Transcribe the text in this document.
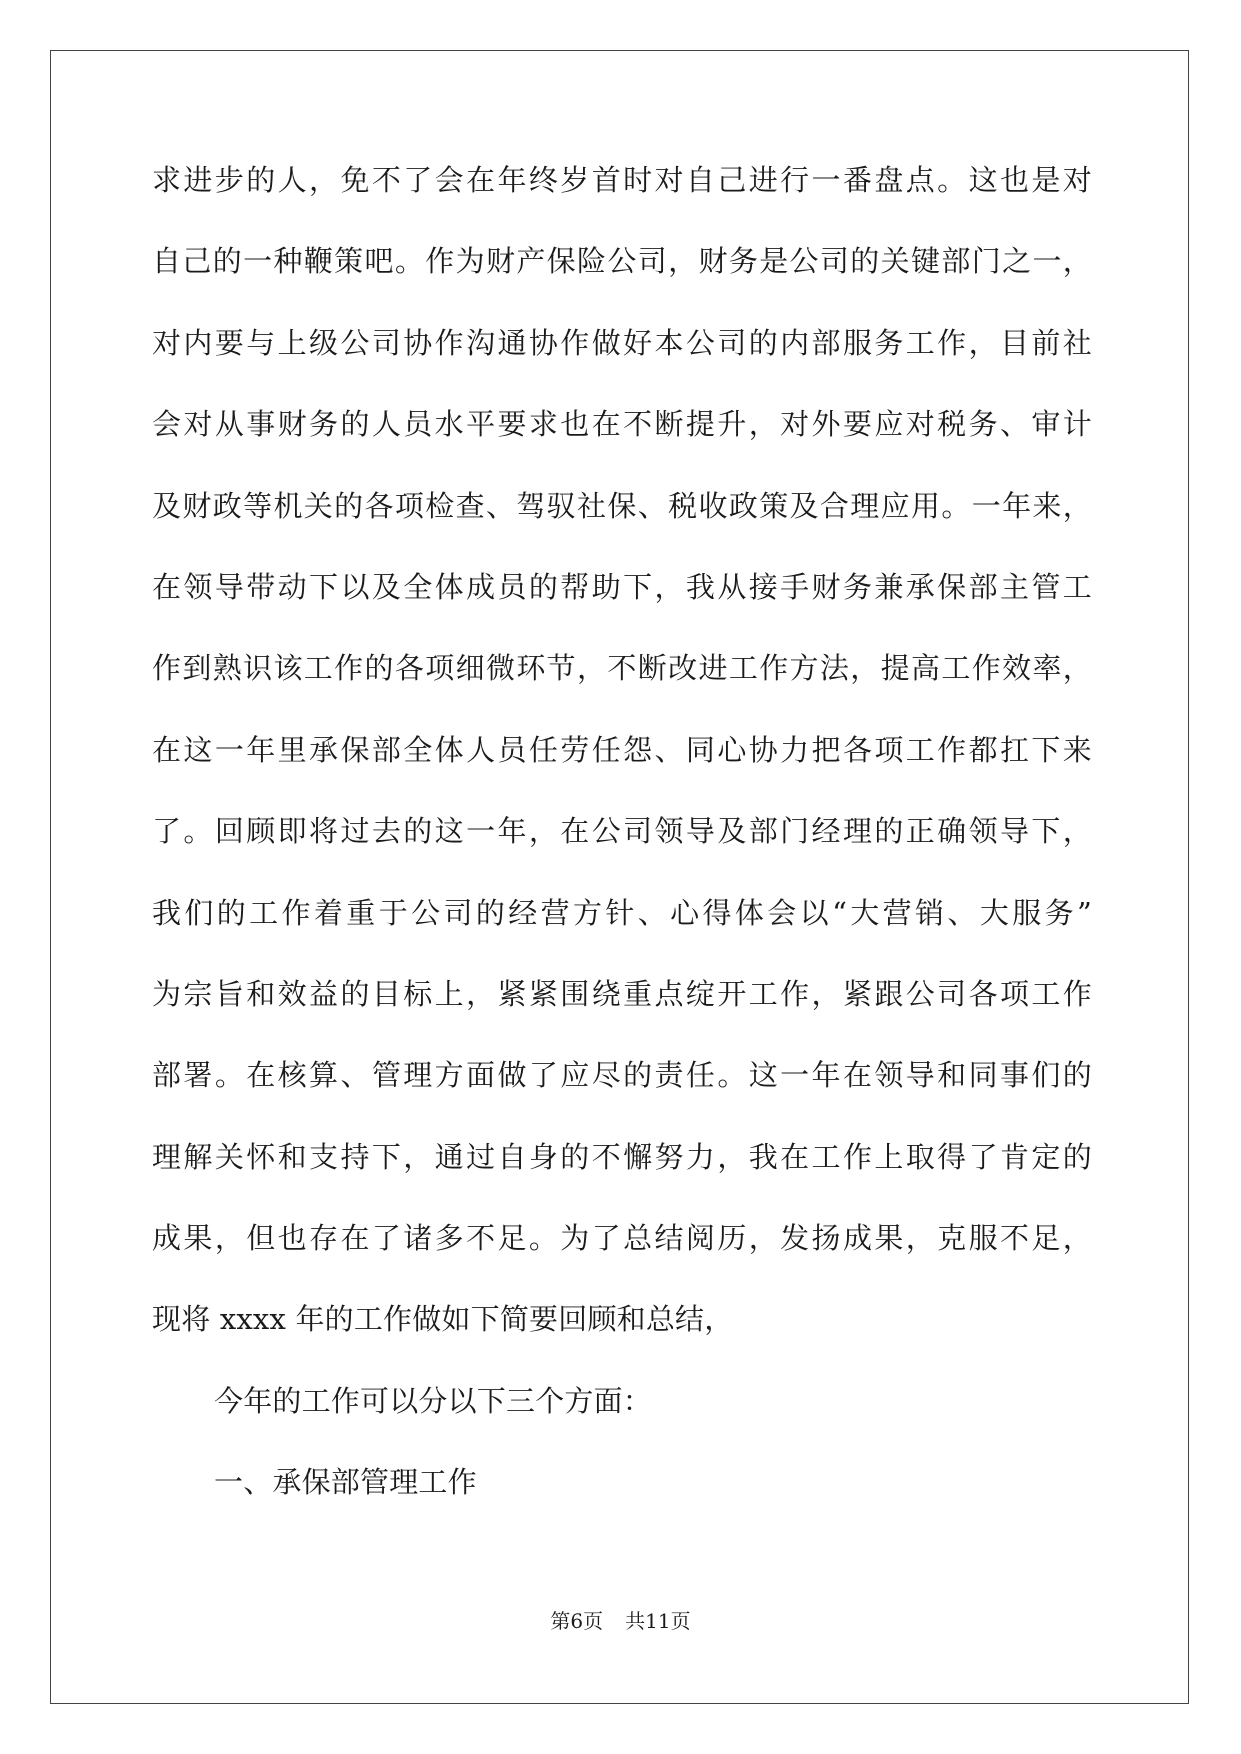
求进步的人，免不了会在年终岁首时对自己进行一番盘点。这也是对
自己的一种鞭策吧。作为财产保险公司，财务是公司的关键部门之一，
对内要与上级公司协作沟通协作做好本公司的内部服务工作，目前社
会对从事财务的人员水平要求也在不断提升，对外要应对税务、审计
及财政等机关的各项检查、驾驭社保、税收政策及合理应用。一年来，
在领导带动下以及全体成员的帮助下，我从接手财务兼承保部主管工
作到熟识该工作的各项细微环节，不断改进工作方法，提高工作效率，
在这一年里承保部全体人员任劳任怨、同心协力把各项工作都扛下来
了。回顾即将过去的这一年，在公司领导及部门经理的正确领导下，
我们的工作着重于公司的经营方针、心得体会以“大营销、大服务”
为宗旨和效益的目标上，紧紧围绕重点绽开工作，紧跟公司各项工作
部署。在核算、管理方面做了应尽的责任。这一年在领导和同事们的
理解关怀和支持下，通过自身的不懈努力，我在工作上取得了肯定的
成果，但也存在了诸多不足。为了总结阅历，发扬成果，克服不足，
现将 xxxx 年的工作做如下简要回顾和总结，
今年的工作可以分以下三个方面：
一、承保部管理工作
第6页 共11页
